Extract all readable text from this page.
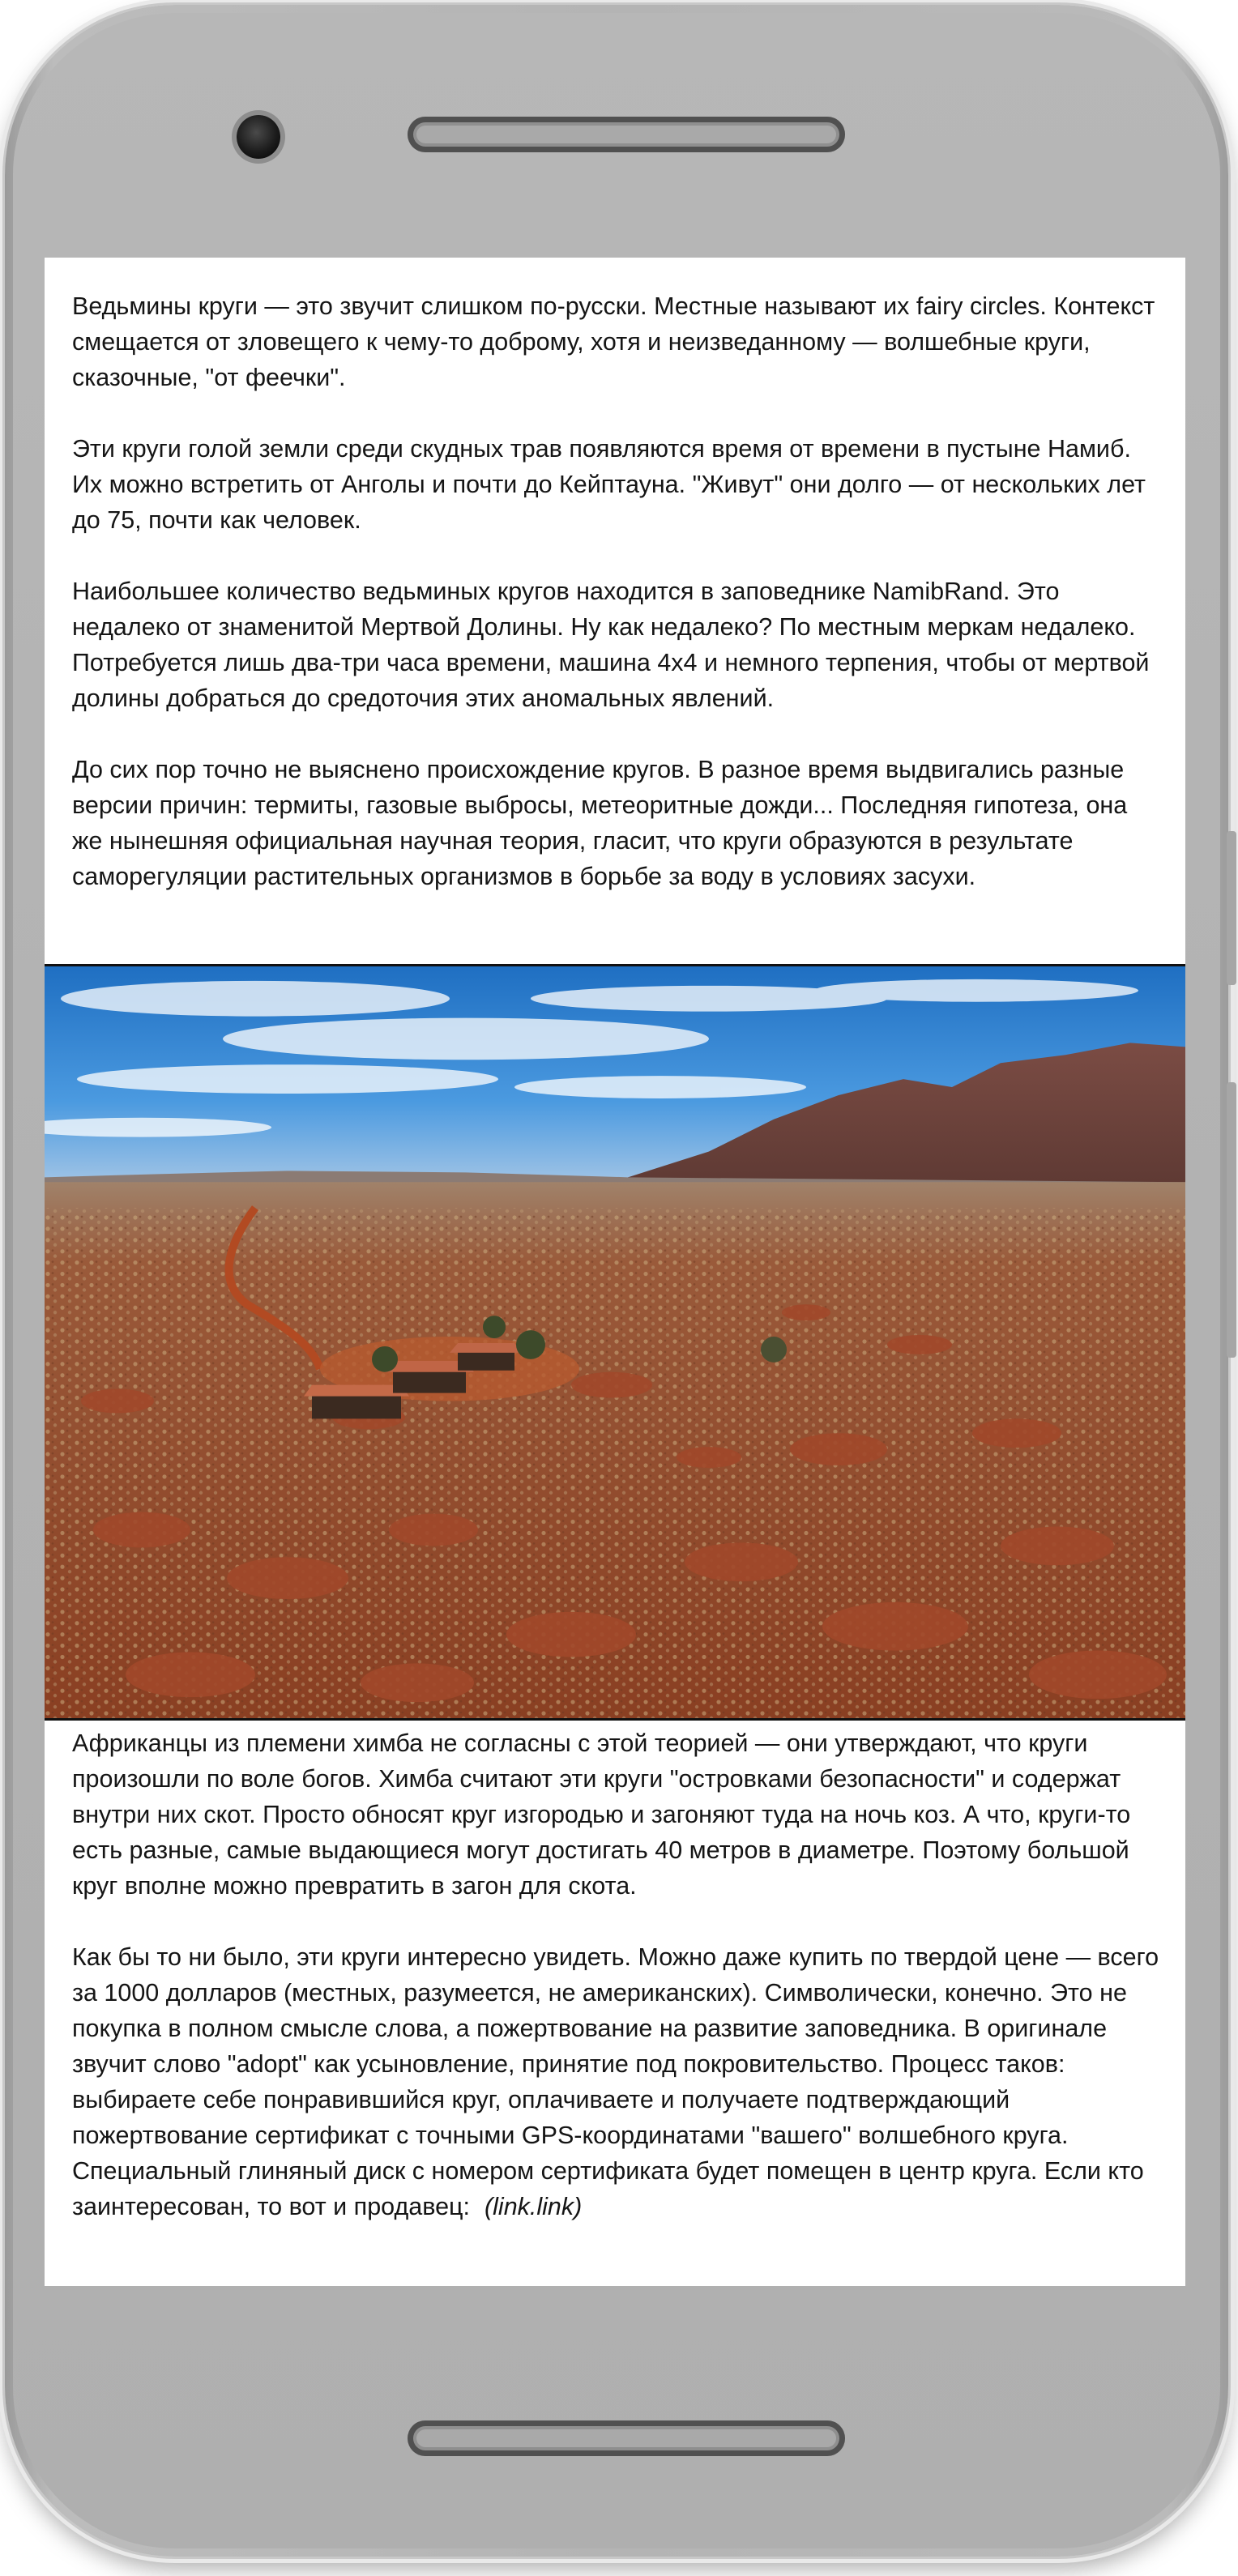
Ведьмины круги — это звучит слишком по-русски. Местные называют их fairy circles. Контекст смещается от зловещего к чему-то доброму, хотя и неизведанному — волшебные круги, сказочные, "от феечки".

Эти круги голой земли среди скудных трав появляются время от времени в пустыне Намиб. Их можно встретить от Анголы и почти до Кейптауна. "Живут" они долго — от нескольких лет до 75, почти как человек.

Наибольшее количество ведьминых кругов находится в заповеднике NamibRand. Это недалеко от знаменитой Мертвой Долины. Ну как недалеко? По местным меркам недалеко. Потребуется лишь два-три часа времени, машина 4x4 и немного терпения, чтобы от мертвой долины добраться до средоточия этих аномальных явлений.

До сих пор точно не выяснено происхождение кругов. В разное время выдвигались разные версии причин: термиты, газовые выбросы, метеоритные дожди... Последняя гипотеза, она же нынешняя официальная научная теория, гласит, что круги образуются в результате саморегуляции растительных организмов в борьбе за воду в условиях засухи.

Африканцы из племени химба не согласны с этой теорией — они утверждают, что круги произошли по воле богов. Химба считают эти круги "островками безопасности" и содержат внутри них скот. Просто обносят круг изгородью и загоняют туда на ночь коз. А что, круги-то есть разные, самые выдающиеся могут достигать 40 метров в диаметре. Поэтому большой круг вполне можно превратить в загон для скота.

Как бы то ни было, эти круги интересно увидеть. Можно даже купить по твердой цене — всего за 1000 долларов (местных, разумеется, не американских). Символически, конечно. Это не покупка в полном смысле слова, а пожертвование на развитие заповедника. В оригинале звучит слово "adopt" как усыновление, принятие под покровительство. Процесс таков: выбираете себе понравившийся круг, оплачиваете и получаете подтверждающий пожертвование сертификат с точными GPS-координатами "вашего" волшебного круга. Специальный глиняный диск с номером сертификата будет помещен в центр круга. Если кто заинтересован, то вот и продавец: (link.link)
